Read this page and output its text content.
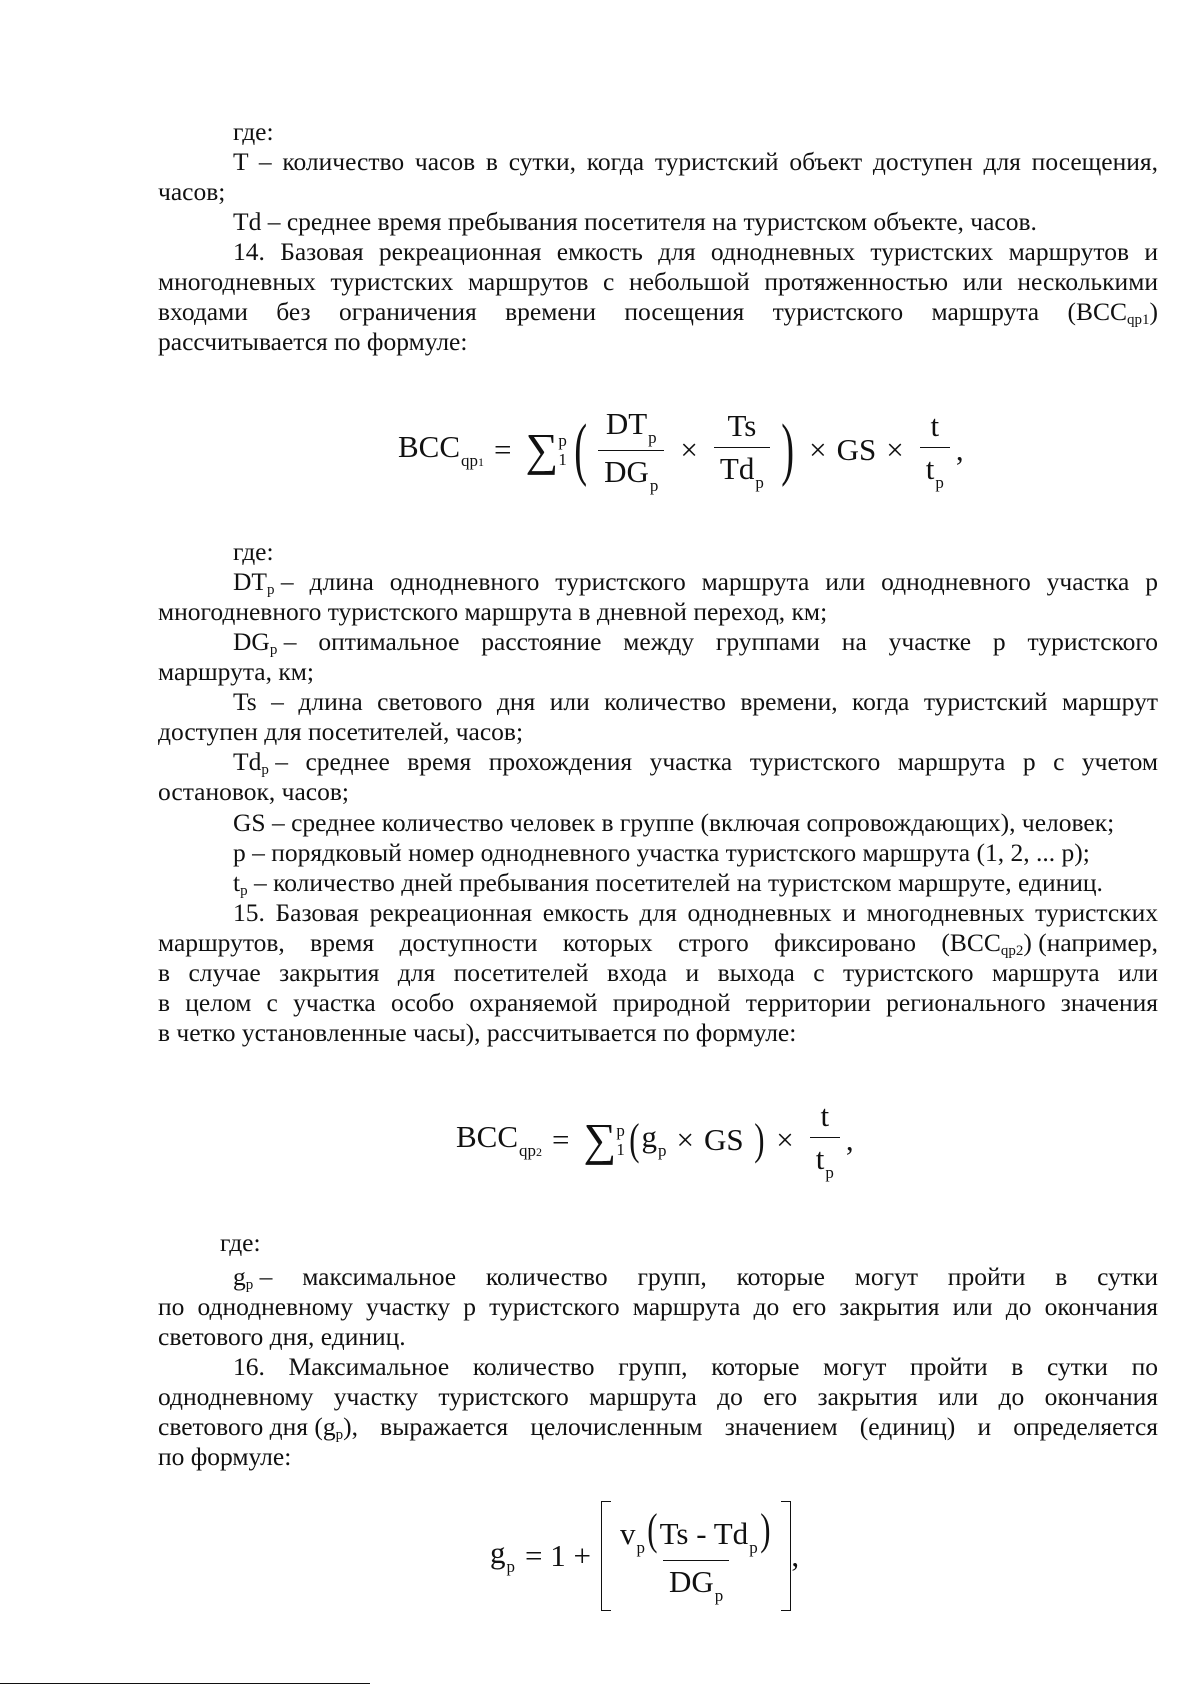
где:
T – количество часов в сутки, когда туристский объект доступен для посещения,
часов;
Td – среднее время пребывания посетителя на туристском объекте, часов.
14. Базовая рекреационная емкость для однодневных туристских маршрутов и
многодневных туристских маршрутов с небольшой протяженностью или несколькими
входами без ограничения времени посещения туристского маршрута (BCC $_{qp1}$ )
рассчитывается по формуле:
$BCC_{qp1}$ = ∑ p
1 ( $\frac{DT_p}{DG_p} \times \frac{Ts}{Td_p}$ ) × GS × $\frac{t}{t_p}$ ,
где:
$DT_p$ – длина однодневного туристского маршрута или однодневного участка p
многодневного туристского маршрута в дневной переход, км;
$DG_p$ – оптимальное расстояние между группами на участке p туристского
маршрута, км;
Ts – длина светового дня или количество времени, когда туристский маршрут
доступен для посетителей, часов;
$Td_p$ – среднее время прохождения участка туристского маршрута p с учетом
остановок, часов;
GS – среднее количество человек в группе (включая сопровождающих), человек;
p – порядковый номер однодневного участка туристского маршрута (1, 2, ... p);
$t_p$ – количество дней пребывания посетителей на туристском маршруте, единиц.
15. Базовая рекреационная емкость для однодневных и многодневных туристских
маршрутов, время доступности которых строго фиксировано (BCC $_{qp2}$ ) (например,
в случае закрытия для посетителей входа и выхода с туристского маршрута или
в целом с участка особо охраняемой природной территории регионального значения
в четко установленные часы), рассчитывается по формуле:
$BCC_{qp2}$ = ∑ p
1 ( $g_p$ × GS ) × $\frac{t}{t_p}$ ,
где:
$g_p$ – максимальное количество групп, которые могут пройти в сутки
по однодневному участку p туристского маршрута до его закрытия или до окончания
светового дня, единиц.
16. Максимальное количество групп, которые могут пройти в сутки по
однодневному участку туристского маршрута до его закрытия или до окончания
светового дня (g $_p$ ), выражается целочисленным значением (единиц) и определяется
по формуле:
$g_p = 1 + \frac{v_p(Ts - Td_p)}{DG_p}$ ,
